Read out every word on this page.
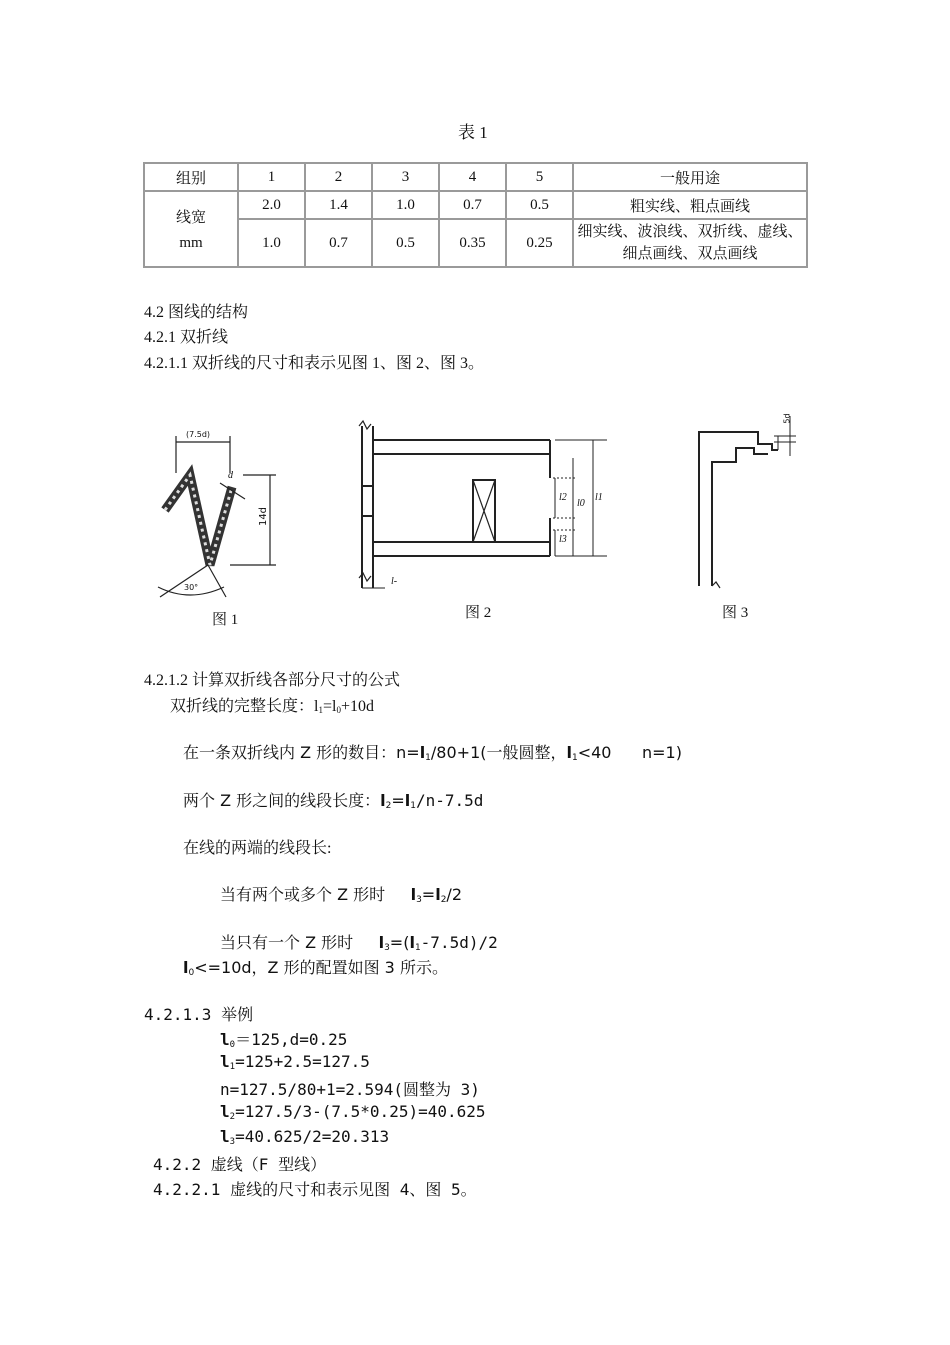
表 1
组别	1	2	3	4	5	一般用途

线宽
mm	2.0	1.4	1.0	0.7	0.5	粗实线、粗点画线
	1.0	0.7	0.5	0.35	0.25	细实线、波浪线、双折线、虚线、
细点画线、双点画线
4.2 图线的结构
4.2.1 双折线
4.2.1.1 双折线的尺寸和表示见图 1、图 2、图 3。
(7.5d)
14d
d
30°
图 1
l1
l2
l0
l3
l-
图 2
5d
图 3
4.2.1.2 计算双折线各部分尺寸的公式
双折线的完整长度：$l_1=l_0+10d$
在一条双折线内 Z 形的数目：$n=l_1/80+1$(一般圆整，$l_1<40$      n=1)
两个 Z 形之间的线段长度：$l_2=l_1/n-7.5d$
在线的两端的线段长:
当有两个或多个 Z 形时     $l_3=l_2/2$
当只有一个 Z 形时     $l_3=(l_1-7.5d)/2$
$l_0<=10d$，Z 形的配置如图 3 所示。
4.2.1.3 举例
$l_0=125,d=0.25$
$l_1=125+2.5=127.5$
n=127.5/80+1=2.594(圆整为 3)
$l_2=127.5/3-(7.5*0.25)=40.625$
$l_3=40.625/2=20.313$
4.2.2 虚线（F 型线）
4.2.2.1 虚线的尺寸和表示见图 4、图 5。
